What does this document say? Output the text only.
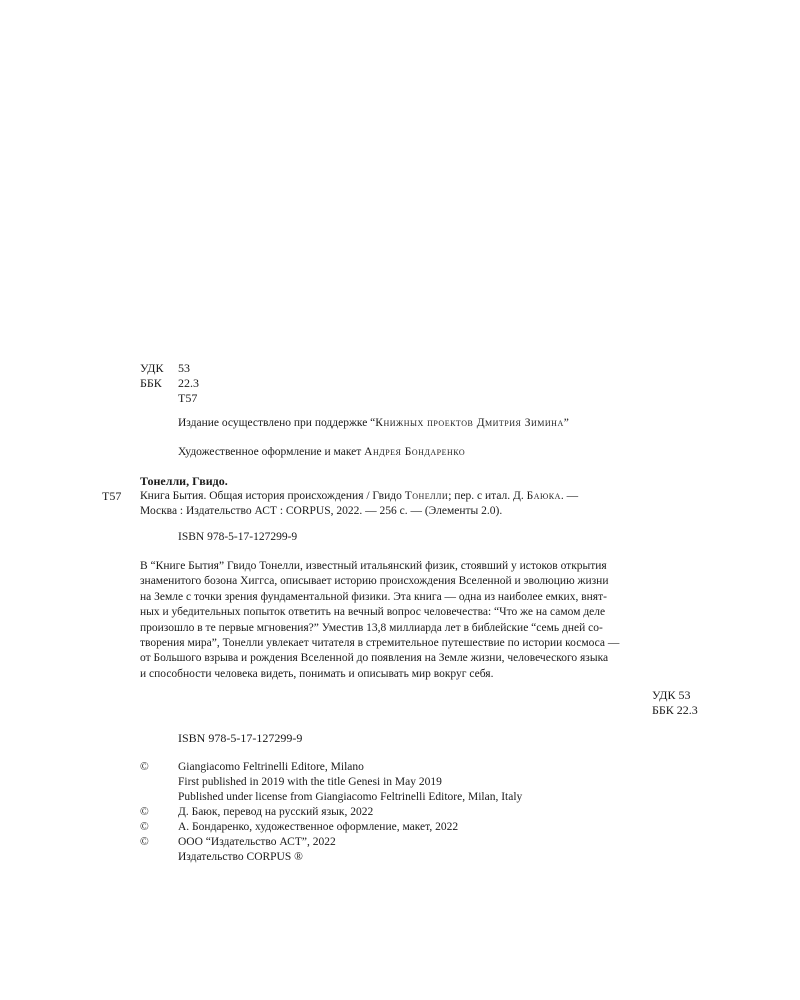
УДК 53
ББК 22.3
Т57
Издание осуществлено при поддержке “Книжных проектов Дмитрия Зимина”
Художественное оформление и макет Андрея Бондаренко
Тонелли, Гвидо.
Т57 Книга Бытия. Общая история происхождения / Гвидо Тонелли; пер. с итал. Д. Баюка. —
Москва : Издательство АСТ : CORPUS, 2022. — 256 с. — (Элементы 2.0).
ISBN 978-5-17-127299-9
В “Книге Бытия” Гвидо Тонелли, известный итальянский физик, стоявший у истоков открытия
знаменитого бозона Хиггса, описывает историю происхождения Вселенной и эволюцию жизни
на Земле с точки зрения фундаментальной физики. Эта книга — одна из наиболее емких, внят-
ных и убедительных попыток ответить на вечный вопрос человечества: “Что же на самом деле
произошло в те первые мгновения?” Уместив 13,8 миллиарда лет в библейские “семь дней со-
творения мира”, Тонелли увлекает читателя в стремительное путешествие по истории космоса —
от Большого взрыва и рождения Вселенной до появления на Земле жизни, человеческого языка
и способности человека видеть, понимать и описывать мир вокруг себя.
УДК 53
ББК 22.3
ISBN 978-5-17-127299-9
©	Giangiacomo Feltrinelli Editore, Milano
First published in 2019 with the title Genesi in May 2019
Published under license from Giangiacomo Feltrinelli Editore, Milan, Italy
©	Д. Баюк, перевод на русский язык, 2022
©	А. Бондаренко, художественное оформление, макет, 2022
©	ООО “Издательство АСТ”, 2022
Издательство CORPUS ®
